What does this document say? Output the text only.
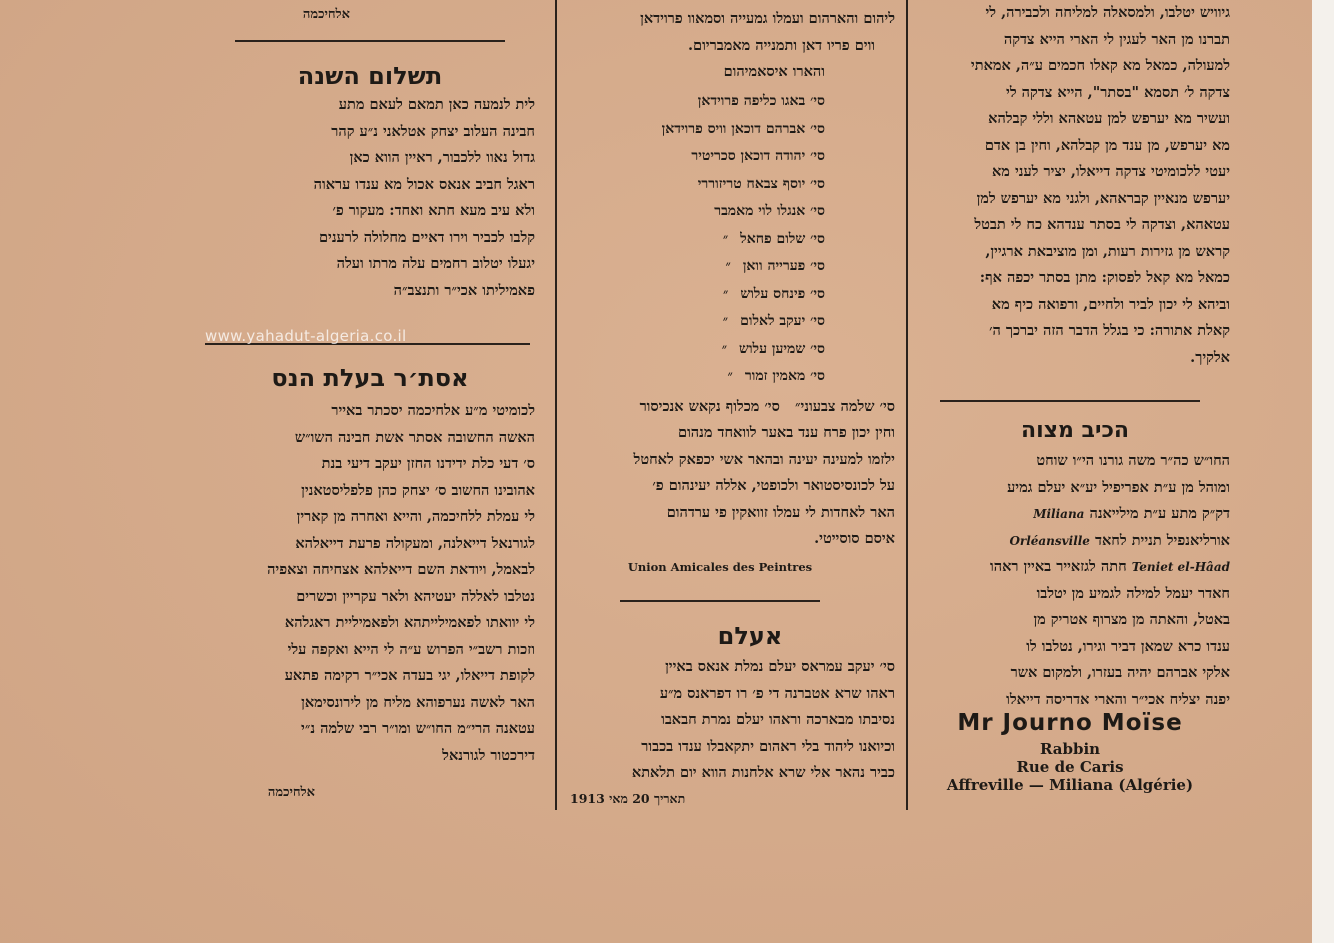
אלחיכמה

תשלום השנה

לית לנמעה כאן תמאם לעאם מתע

חבינה העלוב יצחק אטלאני נ״ע קהר

גדול נאוו ללכבור, ראיין הווא כאן

ראגל חביב אנאס אכול מא ענדו עראוה

ולא עיב מעא חתא ואחד: מעקור פ׳

קלבו לכביר וירו דאיים מחלולה לרענים

יגעלו יטלוב רחמים עלה מרתו ועלה

פאמיליתו אכי״ר ותנצב״ה

אסת׳ר בעלת הנס

לכומיטי מ״ע אלחיכמה יסכתר באייר

האשה החשובה אסתר אשת חבינה השו״ש

ס׳ דעי כלת ידידנו החזן יעקב דיעי בנת

אהובינו החשוב ס׳ יצחק כהן פלפליסטאנין

לי עמלת ללחיכמה, והייא ואחרה מן קארין

לגורנאל דייאלנה, ומעקולה פרעת דייאלהא

לבאמל, ויודאת השם דייאלהא אצחיחה וצאפיה

נטלבו לאללה יעטיהא ולאר עקריין וכשרים

לי יוואתו לפאמילייתהא ולפאמיליית ראגלהא

וזכות רשב״י הפרוש ע״ה לי הייא ואקפה עלי

לקופת דייאלו, יגי בעדה אכי״ר רקימה פתאע

האר לאשה נערפוהא מליח מן לירונסימאן

עטאנה הרי״מ החו״ש ומו״ר רבי שלמה נ״י

דירכטור לגורנאל

אלחיכמה

www.yahadut-algeria.co.il

ליהום והארהום ועמלו גמעייה וסמאוו פרוידאן

ווים פריו דאן ותמנייה מאמבריום.

והארו איסאמיהום

סי׳ באגו כליפה פרוידאן
סי׳ אברהם דוכאן וויס פרוידאן
סי׳ יהודה דוכאן סכריטיר
סי׳ יוסף צבאח טריזוררי
סי׳ אנגלו לוי מאמבר
סי׳ שלום פחאל״
סי׳ פערייה וואן״
סי׳ פינחס עלוש״
סי׳ יעקב לאלום״
סי׳ שמיען עלוש״
סי׳ מאמין זמור״

סי׳ שלמה צבעוני״   סי׳ מכלוף נקאש אנכיסור

וחין יכון פרח ענד באער לוואחד מנהום

ילזמו למעינה יעינה ובהאר אשי יכפאק לאחטל

על לכונסיסטואר ולכופטי, אללה יעינהום פ׳

האר לאחדות לי עמלו זוואקין פי ערדהום

איסם סוסייטי.

Union Amicales des Peintres

אעלם

סי׳ יעקב עמראס יעלם נמלת אנאס באיין

ראהו שרא אטברנה די פ׳ רו דפראנס מ״ע

נסיבתו מבארכה וראהו יעלם נמרת חבאבו

וכיואנו ליהוד בלי ראהום יתקאבלו ענדו בכבור

כביר נהאר אלי שרא אלחנות הווא יום תלאתא

תאריך 20 מאי 1913

גיוויש יטלבו, ולמסאלה למליחה ולכבירה, לי

תברנו מן האר לעגין לי הארי הייא צדקה

למעולה, כמאל מא קאלו חכמים ע״ה, אמאתי

צדקה ל׳ תסמא "בסתר", הייא צדקה לי

ועשיר מא יערפש למן עטאהא וללי קבלהא

מא יערפש, מן ענד מן קבלהא, וחין בן אדם

יעטי ללכומיטי צדקה דייאלו, יציר לעני מא

יערפש מנאיין קבראהא, ולגני מא יערפש למן

עטאהא, וצדקה לי בסתר ענדהא כח לי תבטל

קראש מן גזירות רעות, ומן מוציבאת ארגיין,

כמאל מא קאל לפסוק: מתן בסתר יכפה אף:

וביהא לי יכון לביר ולחיים, ורפואה כיף מא

קאלת אתורה: כי בגלל הדבר הזה יברכך ה׳

אלקיך.

הכיב מצוה

החו״ש כה״ר משה גורנו הי״ו שוחט

ומוהל מן ע״ת אפריפיל יע״א יעלם גמיע

דק״ק מתע ע״ת מילייאנה Miliana

אורליאנפיל תניית לחאד Orléansville

Teniet el-Hâad חתה לגזאייר באיין ראהו

חאדר יעמל למילה לגמיע מן יטלבו

באטל, והאתה מן מצרוף אטריק מן

ענדו כרא שמאן דביר וגירו, נטלבו לו

אלקי אברהם יהיה בעזרו, ולמקום אשר

יפנה יצליח אכי״ר והארי אדריסה דייאלו

Mr Journo Moïse
Rabbin
Rue de Caris
Affreville — Miliana (Algérie)
